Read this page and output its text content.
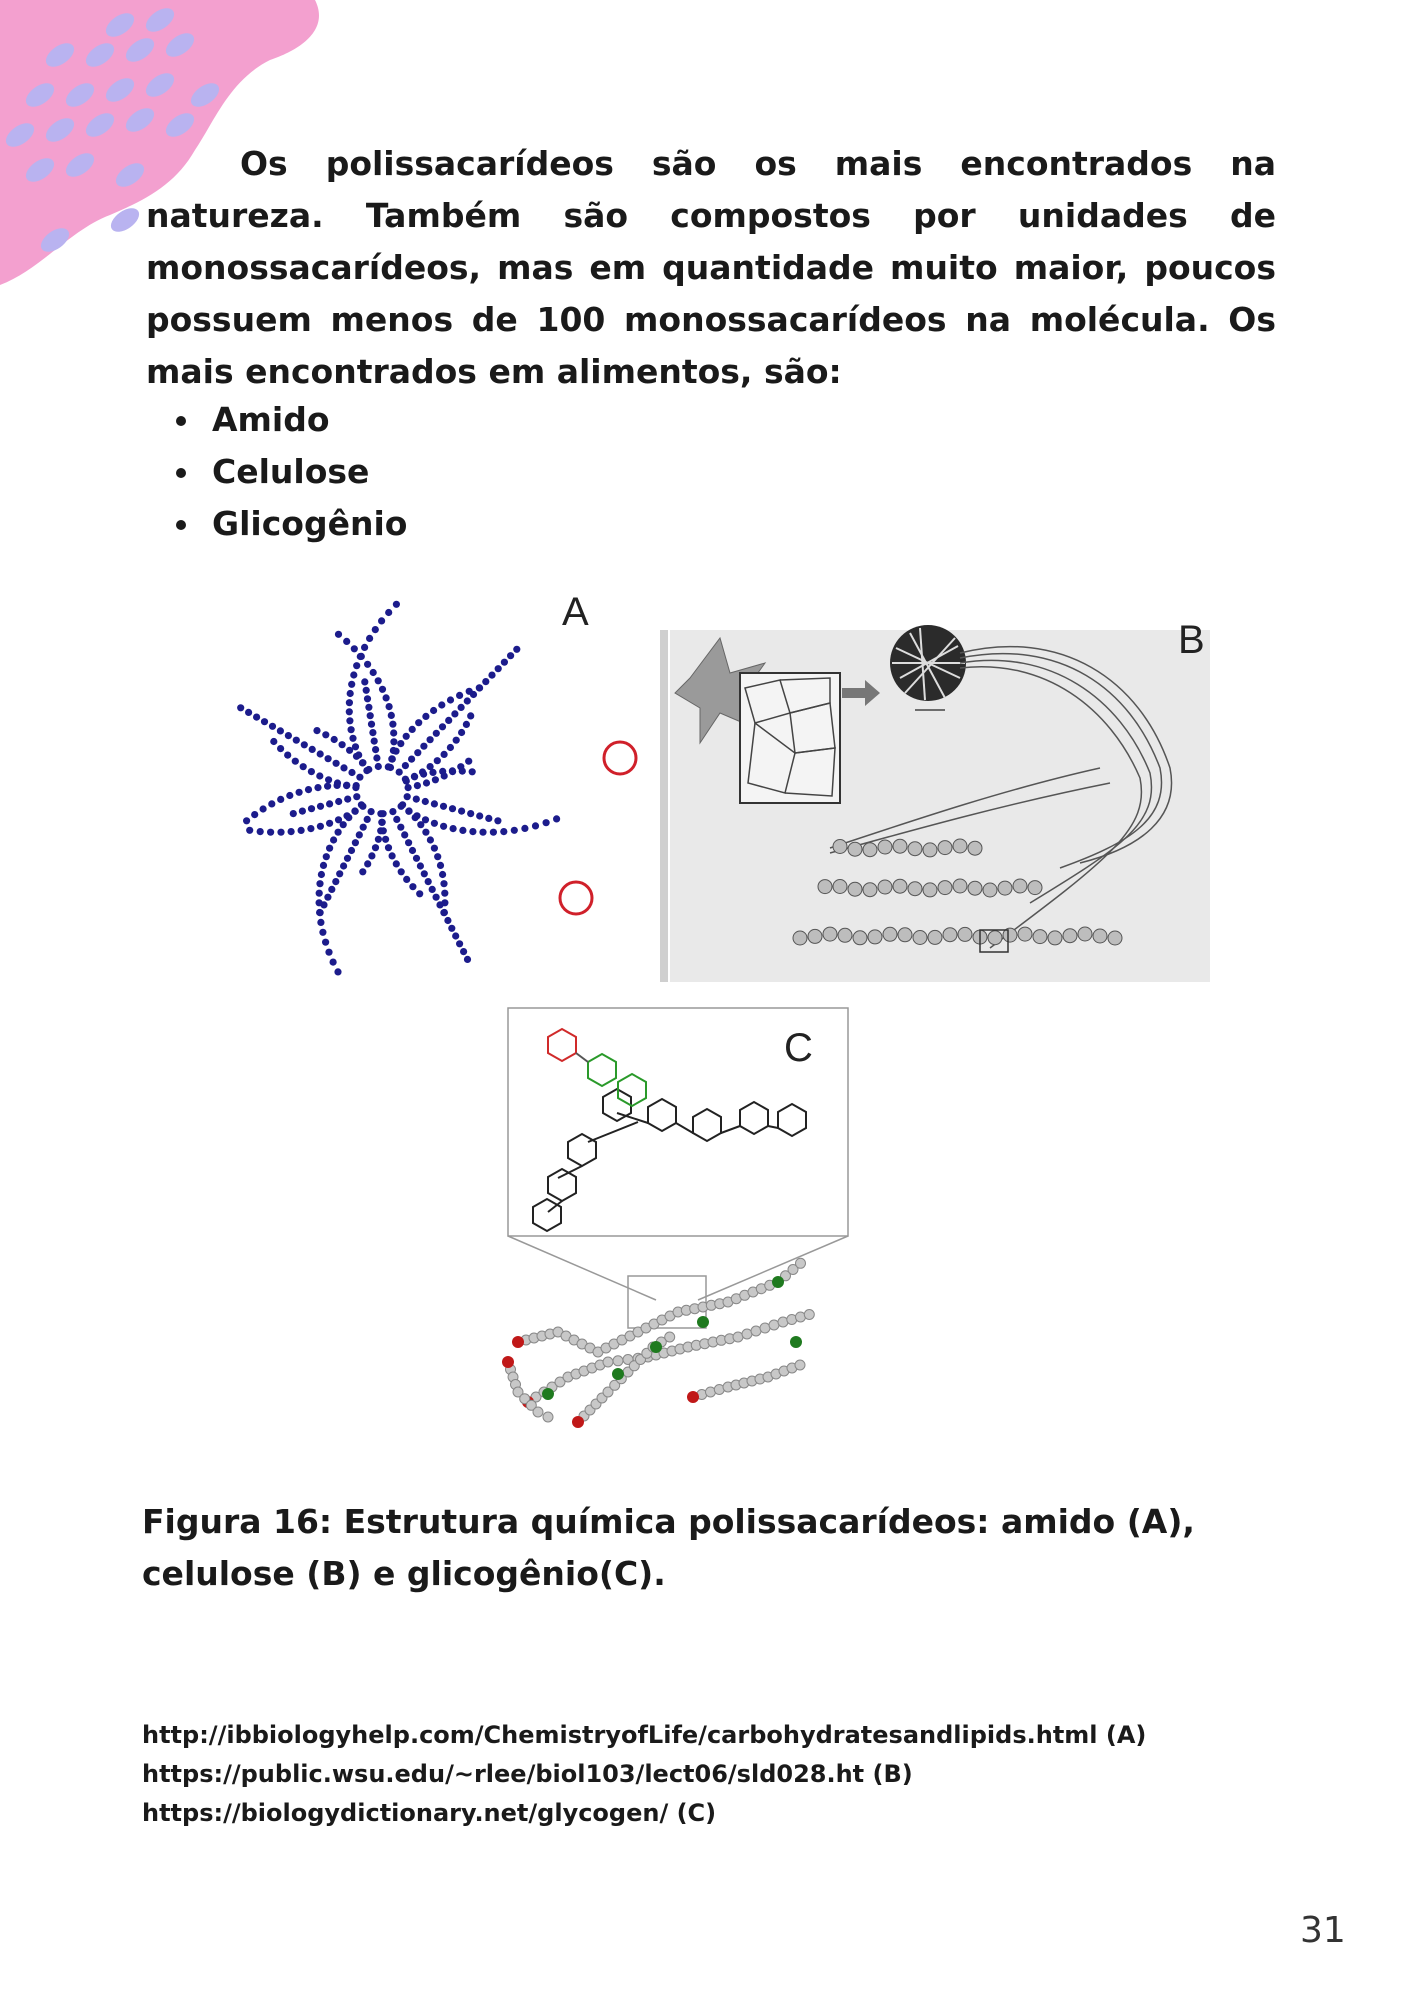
Os polissacarídeos são os mais encontrados na natureza. Também são compostos por unidades de monossacarídeos, mas em quantidade muito maior, poucos possuem menos de 100 monossacarídeos na molécula. Os mais encontrados em alimentos, são:

Amido
Celulose
Glicogênio
A
B
C

Figura 16: Estrutura química polissacarídeos: amido (A), celulose (B) e glicogênio(C).

http://ibbiologyhelp.com/ChemistryofLife/carbohydratesandlipids.html (A)
https://public.wsu.edu/~rlee/biol103/lect06/sld028.ht (B)
https://biologydictionary.net/glycogen/ (C)
31
